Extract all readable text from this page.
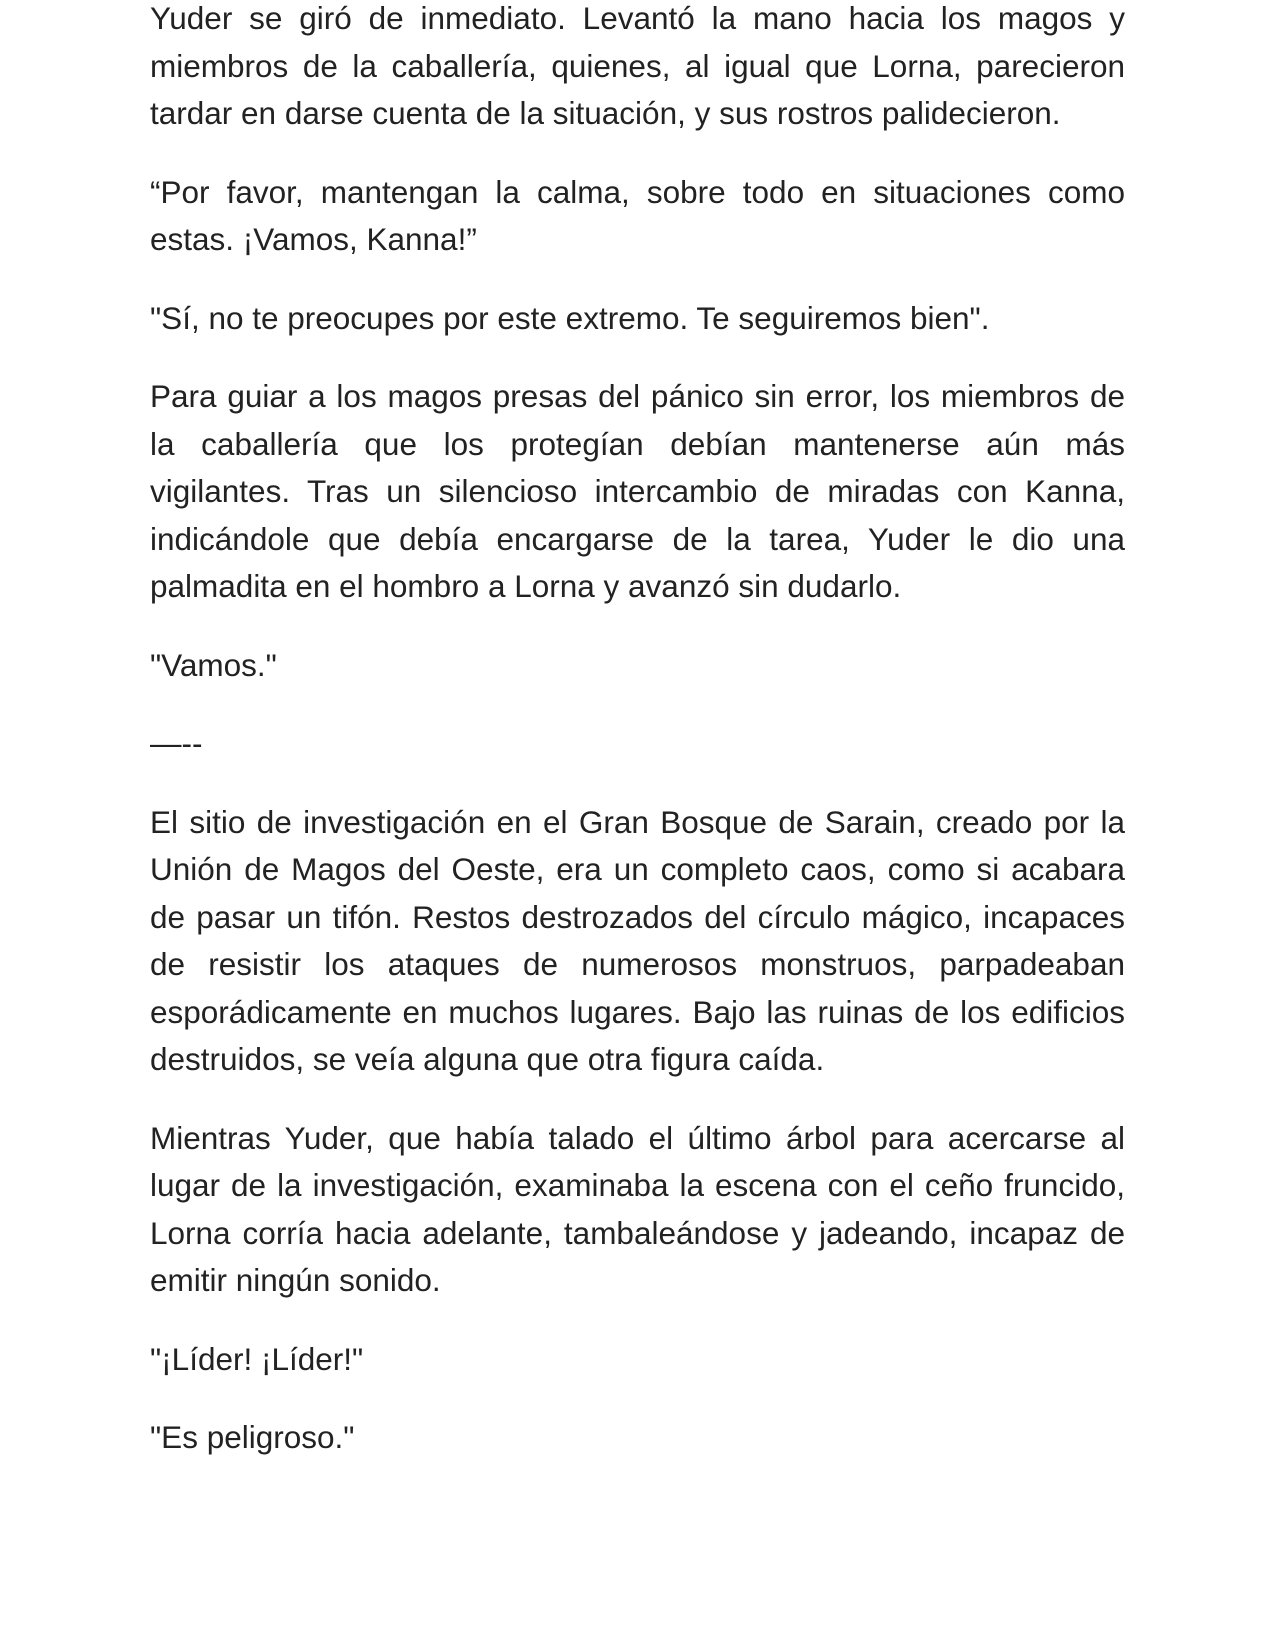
Yuder se giró de inmediato. Levantó la mano hacia los magos y miembros de la caballería, quienes, al igual que Lorna, parecieron tardar en darse cuenta de la situación, y sus rostros palidecieron.

“Por favor, mantengan la calma, sobre todo en situaciones como estas. ¡Vamos, Kanna!”

"Sí, no te preocupes por este extremo. Te seguiremos bien".

Para guiar a los magos presas del pánico sin error, los miembros de la caballería que los protegían debían mantenerse aún más vigilantes. Tras un silencioso intercambio de miradas con Kanna, indicándole que debía encargarse de la tarea, Yuder le dio una palmadita en el hombro a Lorna y avanzó sin dudarlo.

"Vamos."

—--

El sitio de investigación en el Gran Bosque de Sarain, creado por la Unión de Magos del Oeste, era un completo caos, como si acabara de pasar un tifón. Restos destrozados del círculo mágico, incapaces de resistir los ataques de numerosos monstruos, parpadeaban esporádicamente en muchos lugares. Bajo las ruinas de los edificios destruidos, se veía alguna que otra figura caída.

Mientras Yuder, que había talado el último árbol para acercarse al lugar de la investigación, examinaba la escena con el ceño fruncido, Lorna corría hacia adelante, tambaleándose y jadeando, incapaz de emitir ningún sonido.

"¡Líder! ¡Líder!"

"Es peligroso."
